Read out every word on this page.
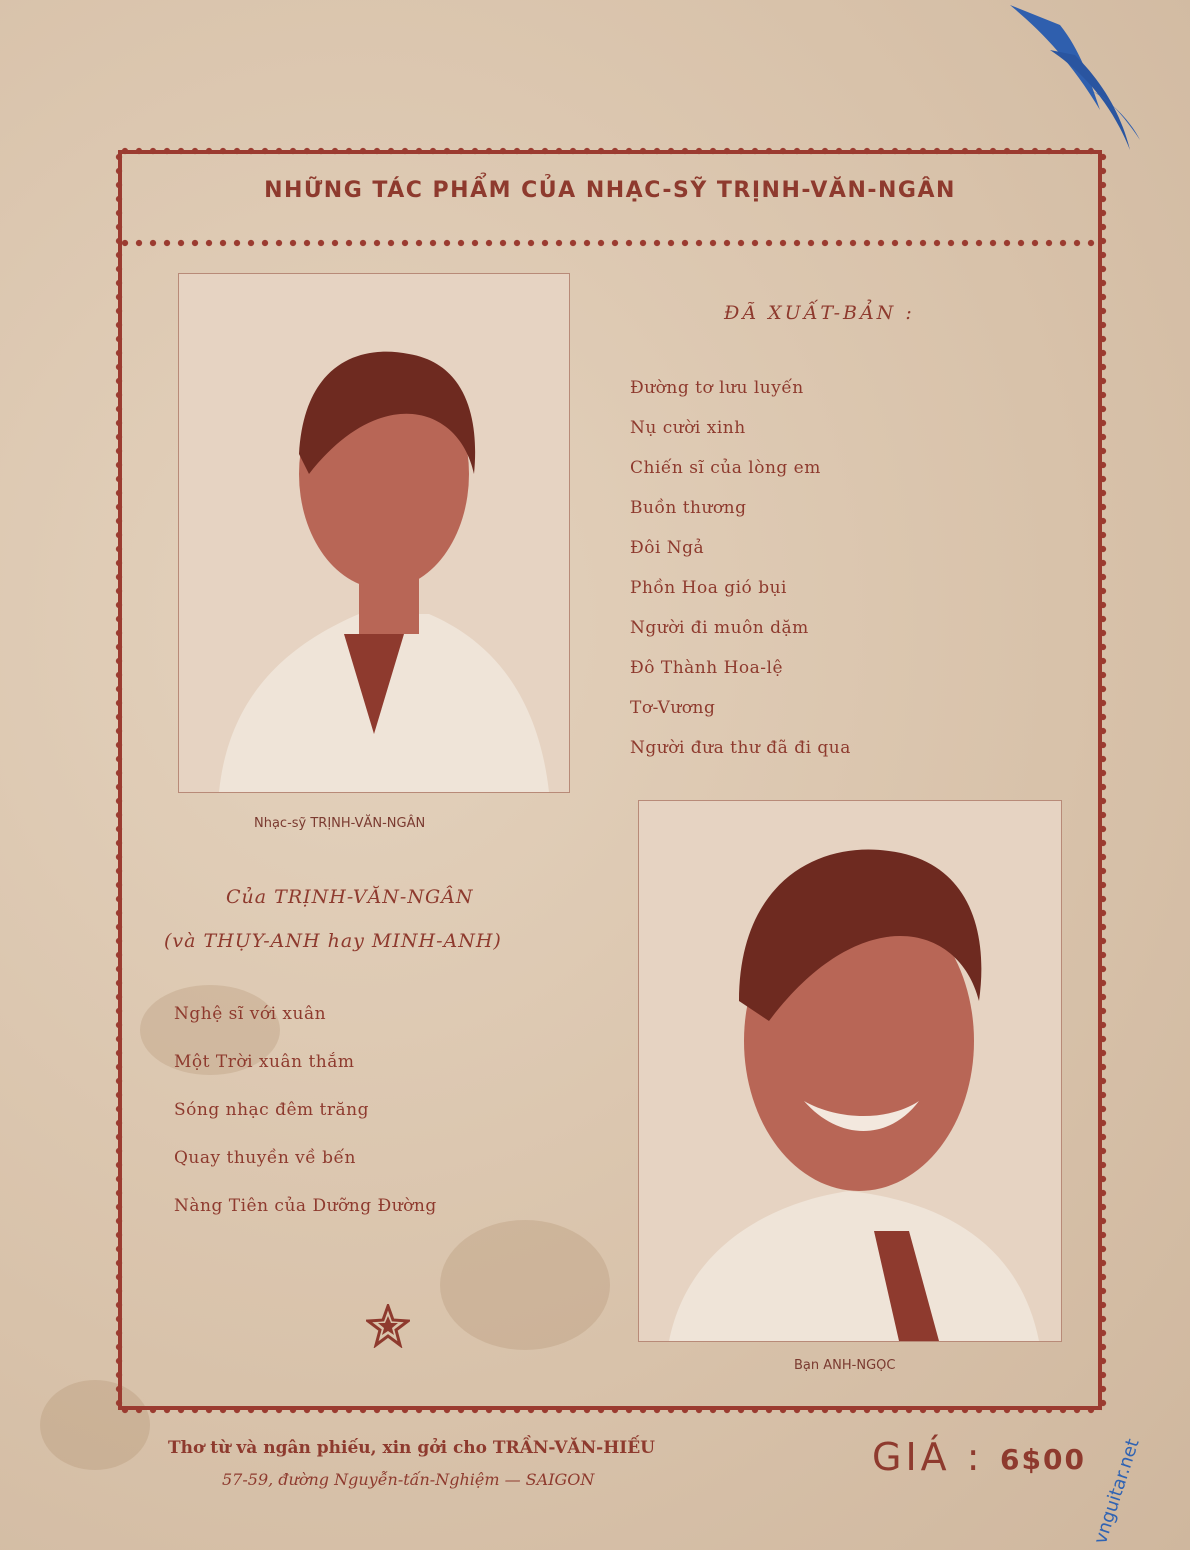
NHỮNG TÁC PHẨM CỦA NHẠC-SỸ TRỊNH-VĂN-NGÂN
Nhạc-sỹ TRỊNH-VĂN-NGÂN
ĐÃ XUẤT-BẢN :
Đường tơ lưu luyến
Nụ cười xinh
Chiến sĩ của lòng em
Buồn thương
Đôi Ngả
Phồn Hoa gió bụi
Người đi muôn dặm
Đô Thành Hoa-lệ
Tơ-Vương
Người đưa thư đã đi qua
Của TRỊNH-VĂN-NGÂN
(và THỤY-ANH hay MINH-ANH)
Nghệ sĩ với xuân
Một Trời xuân thắm
Sóng nhạc đêm trăng
Quay thuyền về bến
Nàng Tiên của Dưỡng Đường
Bạn ANH-NGỌC
Thơ từ và ngân phiếu, xin gởi cho TRẦN-VĂN-HIẾU
57-59, đường Nguyễn-tấn-Nghiệm — SAIGON
GIÁ : 6$00 vnguitar.net
